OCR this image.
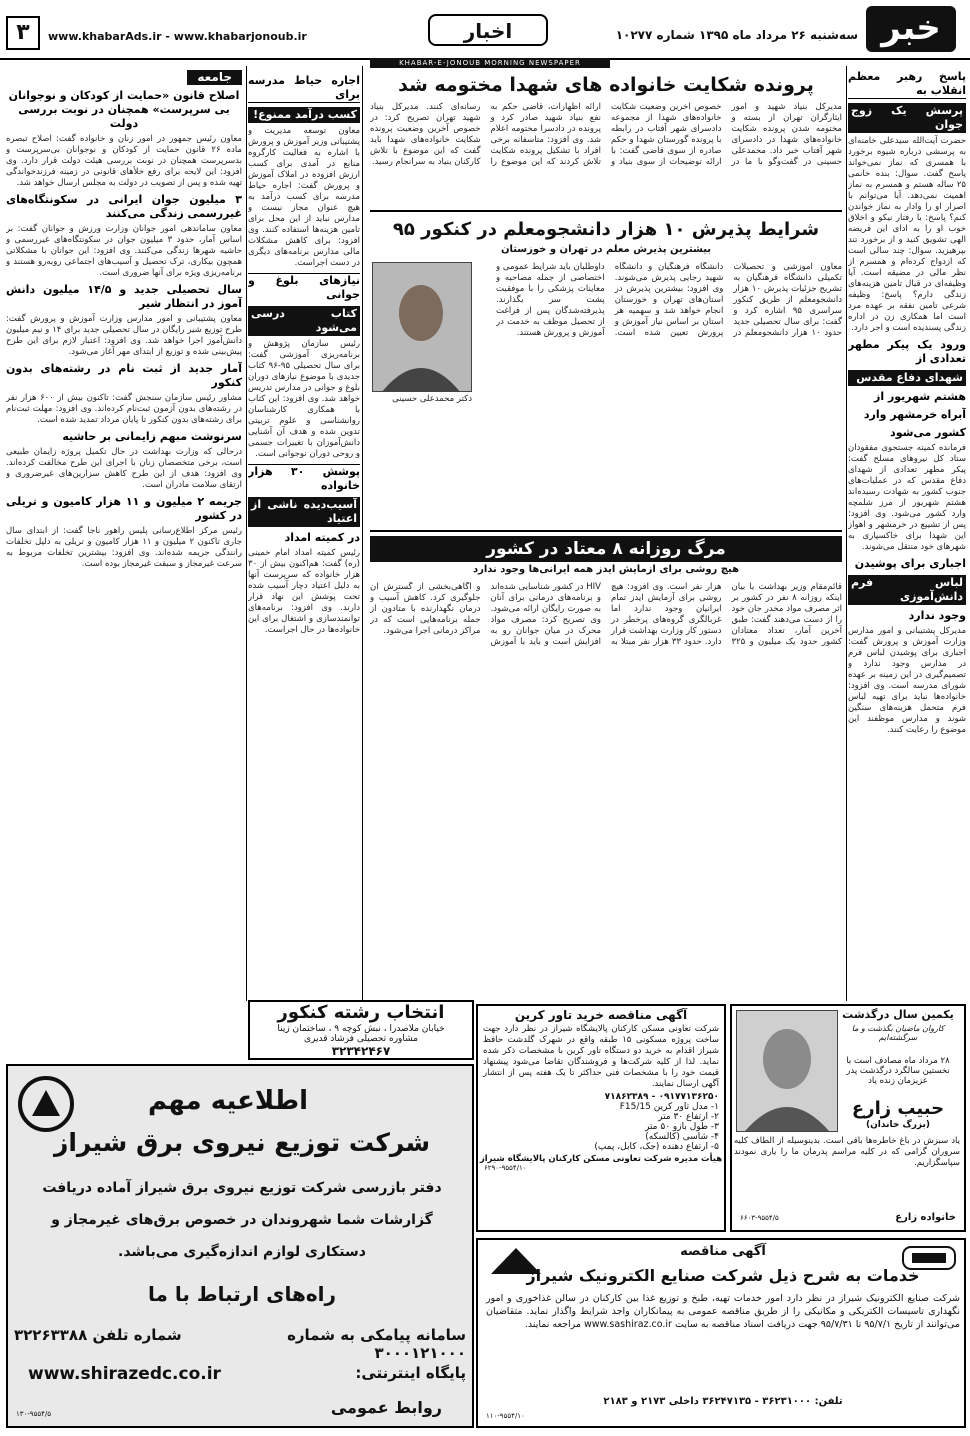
خبر
سه‌شنبه ۲۶ مرداد ماه ۱۳۹۵ شماره ۱۰۲۷۷
اخبار
www.khabarAds.ir - www.khabarjonoub.ir
۳
KHABAR-E-JONOUB MORNING NEWSPAPER
پاسخ رهبر معظم انقلاب به
پرسش یک زوج جوان

حضرت آیت‌الله سیدعلی خامنه‌ای به پرسشی درباره شیوه برخورد با همسری که نماز نمی‌خواند پاسخ گفت. سوال: بنده خانمی ۲۵ ساله هستم و همسرم به نماز اهمیت نمی‌دهد. آیا می‌توانم با اصرار او را وادار به نماز خواندن کنم؟ پاسخ: با رفتار نیکو و اخلاق خوب او را به ادای این فریضه الهی تشویق کنید و از برخورد تند بپرهیزید. سوال: چند سالی است که ازدواج کرده‌ام و همسرم از نظر مالی در مضیقه است. آیا وظیفه‌ای در قبال تامین هزینه‌های زندگی دارم؟ پاسخ: وظیفه شرعی تامین نفقه بر عهده مرد است اما همکاری زن در اداره زندگی پسندیده است و اجر دارد.

ورود یک پیکر مطهر تعدادی از
شهدای دفاع مقدس
هشتم شهریور از
آبراه خرمشهر وارد
کشور می‌شود

فرمانده کمیته جستجوی مفقودان ستاد کل نیروهای مسلح گفت: پیکر مطهر تعدادی از شهدای دفاع مقدس که در عملیات‌های جنوب کشور به شهادت رسیده‌اند هشتم شهریور از مرز شلمچه وارد کشور می‌شود. وی افزود: پس از تشییع در خرمشهر و اهواز این شهدا برای خاکسپاری به شهرهای خود منتقل می‌شوند.

اجباری برای پوشیدن
لباس فرم دانش‌آموزی
وجود ندارد

مدیرکل پشتیبانی و امور مدارس وزارت آموزش و پرورش گفت: اجباری برای پوشیدن لباس فرم در مدارس وجود ندارد و تصمیم‌گیری در این زمینه بر عهده شورای مدرسه است. وی افزود: خانواده‌ها نباید برای تهیه لباس فرم متحمل هزینه‌های سنگین شوند و مدارس موظفند این موضوع را رعایت کنند.

پرونده شکایت خانواده های شهدا مختومه شد
مدیرکل بنیاد شهید و امور ایثارگران تهران از بسته و مختومه شدن پرونده شکایت خانواده‌های شهدا در دادسرای شهر آفتاب خبر داد. محمدعلی حسینی در گفت‌وگو با ما در خصوص آخرین وضعیت شکایت خانواده‌های شهدا از مجموعه دادسرای شهر آفتاب در رابطه با پرونده گورستان شهدا و حکم صادره از سوی قاضی گفت: با ارائه توضیحات از سوی بنیاد و ارائه اظهارات، قاضی حکم به نفع بنیاد شهید صادر کرد و پرونده در دادسرا مختومه اعلام شد. وی افزود: متاسفانه برخی افراد با تشکیل پرونده شکایت تلاش کردند که این موضوع را رسانه‌ای کنند. مدیرکل بنیاد شهید تهران تصریح کرد: در خصوص آخرین وضعیت پرونده شکایت خانواده‌های شهدا باید گفت که این موضوع با تلاش کارکنان بنیاد به سرانجام رسید.
شرایط پذیرش ۱۰ هزار دانشجومعلم در کنکور ۹۵
بیشترین پذیرش معلم در تهران و خوزستان
معاون آموزشی و تحصیلات تکمیلی دانشگاه فرهنگیان به تشریح جزئیات پذیرش ۱۰ هزار دانشجومعلم از طریق کنکور سراسری ۹۵ اشاره کرد و گفت: برای سال تحصیلی جدید حدود ۱۰ هزار دانشجومعلم در دانشگاه فرهنگیان و دانشگاه شهید رجایی پذیرش می‌شوند. وی افزود: بیشترین پذیرش در استان‌های تهران و خوزستان انجام خواهد شد و سهمیه هر استان بر اساس نیاز آموزش و پرورش تعیین شده است. داوطلبان باید شرایط عمومی و اختصاصی از جمله مصاحبه و معاینات پزشکی را با موفقیت پشت سر بگذارند. پذیرفته‌شدگان پس از فراغت از تحصیل موظف به خدمت در آموزش و پرورش هستند.
دکتر محمدعلی حسینی
مرگ روزانه ۸ معتاد در کشور
هیچ روشی برای آزمایش ایدز همه ایرانی‌ها وجود ندارد
قائم‌مقام وزیر بهداشت با بیان اینکه روزانه ۸ نفر در کشور بر اثر مصرف مواد مخدر جان خود را از دست می‌دهند گفت: طبق آخرین آمار، تعداد معتادان کشور حدود یک میلیون و ۳۲۵ هزار نفر است. وی افزود: هیچ روشی برای آزمایش ایدز تمام ایرانیان وجود ندارد اما غربالگری گروه‌های پرخطر در دستور کار وزارت بهداشت قرار دارد. حدود ۳۳ هزار نفر مبتلا به HIV در کشور شناسایی شده‌اند و برنامه‌های درمانی برای آنان به صورت رایگان ارائه می‌شود. وی تصریح کرد: مصرف مواد محرک در میان جوانان رو به افزایش است و باید با آموزش و آگاهی‌بخشی از گسترش آن جلوگیری کرد. کاهش آسیب و درمان نگهدارنده با متادون از جمله برنامه‌هایی است که در مراکز درمانی اجرا می‌شود.
اجاره حیاط مدرسه برای
کسب درآمد ممنوع!

معاون توسعه مدیریت و پشتیبانی وزیر آموزش و پرورش با اشاره به فعالیت کارگروه منابع در آمدی برای کسب ارزش افزوده در املاک آموزش و پرورش گفت: اجاره حیاط مدرسه برای کسب درآمد به هیچ عنوان مجاز نیست و مدارس نباید از این محل برای تامین هزینه‌ها استفاده کنند. وی افزود: برای کاهش مشکلات مالی مدارس برنامه‌های دیگری در دست اجراست.

نیازهای بلوغ و جوانی
کتاب درسی می‌شود

رئیس سازمان پژوهش و برنامه‌ریزی آموزشی گفت: برای سال تحصیلی ۹۵-۹۶ کتاب جدیدی با موضوع نیازهای دوران بلوغ و جوانی در مدارس تدریس خواهد شد. وی افزود: این کتاب با همکاری کارشناسان روانشناسی و علوم تربیتی تدوین شده و هدف آن آشنایی دانش‌آموزان با تغییرات جسمی و روحی دوران نوجوانی است.

پوشش ۳۰ هزار خانواده
آسیب‌دیده ناشی از اعتیاد
در کمیته امداد

رئیس کمیته امداد امام خمینی (ره) گفت: هم‌اکنون بیش از ۳۰ هزار خانواده که سرپرست آنها به دلیل اعتیاد دچار آسیب شده تحت پوشش این نهاد قرار دارند. وی افزود: برنامه‌های توانمندسازی و اشتغال برای این خانواده‌ها در حال اجراست.

جامعه
اصلاح قانون «حمایت از کودکان و نوجوانان بی سرپرست» همچنان در نوبت بررسی دولت

معاون رئیس جمهور در امور زنان و خانواده گفت: اصلاح تبصره ماده ۲۶ قانون حمایت از کودکان و نوجوانان بی‌سرپرست و بدسرپرست همچنان در نوبت بررسی هیئت دولت قرار دارد. وی افزود: این لایحه برای رفع خلأهای قانونی در زمینه فرزندخواندگی تهیه شده و پس از تصویب در دولت به مجلس ارسال خواهد شد.

۳ میلیون جوان ایرانی در سکونتگاه‌های غیررسمی زندگی می‌کنند

معاون ساماندهی امور جوانان وزارت ورزش و جوانان گفت: بر اساس آمار، حدود ۳ میلیون جوان در سکونتگاه‌های غیررسمی و حاشیه شهرها زندگی می‌کنند. وی افزود: این جوانان با مشکلاتی همچون بیکاری، ترک تحصیل و آسیب‌های اجتماعی روبه‌رو هستند و برنامه‌ریزی ویژه برای آنها ضروری است.

سال تحصیلی جدید و ۱۴/۵ میلیون دانش آموز در انتظار شیر

معاون پشتیبانی و امور مدارس وزارت آموزش و پرورش گفت: طرح توزیع شیر رایگان در سال تحصیلی جدید برای ۱۴ و نیم میلیون دانش‌آموز اجرا خواهد شد. وی افزود: اعتبار لازم برای این طرح پیش‌بینی شده و توزیع از ابتدای مهر آغاز می‌شود.

آمار جدید از ثبت نام در رشته‌های بدون کنکور

مشاور رئیس سازمان سنجش گفت: تاکنون بیش از ۶۰۰ هزار نفر در رشته‌های بدون آزمون ثبت‌نام کرده‌اند. وی افزود: مهلت ثبت‌نام برای رشته‌های بدون کنکور تا پایان مرداد تمدید شده است.

سرنوشت مبهم زایمانی بر حاشیه

درحالی که وزارت بهداشت در حال تکمیل پروژه زایمان طبیعی است، برخی متخصصان زنان با اجرای این طرح مخالفت کرده‌اند. وی افزود: هدف از این طرح کاهش سزارین‌های غیرضروری و ارتقای سلامت مادران است.

جریمه ۲ میلیون و ۱۱ هزار کامیون و تریلی در کشور

رئیس مرکز اطلاع‌رسانی پلیس راهور ناجا گفت: از ابتدای سال جاری تاکنون ۲ میلیون و ۱۱ هزار کامیون و تریلی به دلیل تخلفات رانندگی جریمه شده‌اند. وی افزود: بیشترین تخلفات مربوط به سرعت غیرمجاز و سبقت غیرمجاز بوده است.

انتخاب رشته کنکور
خیابان ملاصدرا ، نبش کوچه ۹ ، ساختمان زینا
مشاوره تحصیلی فرشاد قدیری
۳۲۳۴۲۴۶۷
یکمین سال درگذشت
کاروان ماضیان بگذشت و ما سرگشته‌ایم
۲۸ مرداد ماه مصادف است با نخستین سالگرد درگذشت پدر عزیزمان زنده یاد
حبیب زارع
(بزرگ خاندان)
یاد سبزش در باغ خاطره‌ها باقی است. بدینوسیله از الطاف کلیه سروران گرامی که در کلیه مراسم پدرمان ما را یاری نمودند سپاسگزاریم.
خانواده زارع
۶۶۰۳-۹۵۵۴/۵
آگهی مناقصه خرید تاور کرین
شرکت تعاونی مسکن کارکنان پالایشگاه شیراز در نظر دارد جهت ساخت پروژه مسکونی ۱۵ طبقه واقع در شهرک گلدشت حافظ شیراز اقدام به خرید دو دستگاه تاور کرین با مشخصات ذکر شده نماید. لذا از کلیه شرکت‌ها و فروشندگان تقاضا می‌شود پیشنهاد قیمت خود را با مشخصات فنی حداکثر تا یک هفته پس از انتشار آگهی ارسال نمایند.
۰۹۱۷۷۱۳۶۲۵۰ - ۷۱۸۶۲۳۸۹
۱- مدل تاور کرین F15/15
۲- ارتفاع ۳۰ متر
۳- طول بازو ۵۰ متر
۴- شاسی (کالسکه)
۵- ارتفاع دهنده (جک، کابل، پمپ)
هیأت مدیره شرکت تعاونی مسکن کارکنان پالایشگاه شیراز
۶۲۹۰-۹۵۵۴/۱۰
اطلاعیه مهم
شرکت توزیع نیروی برق شیراز
دفتر بازرسی شرکت توزیع نیروی برق شیراز آماده دریافت
گزارشات شما شهروندان در خصوص برق‌های غیرمجاز و
دستکاری لوازم اندازه‌گیری می‌باشد.
راه‌های ارتباط با ما
سامانه پیامکی به شماره ۳۰۰۰۱۲۱۰۰۰
شماره تلفن ۳۲۲۶۳۳۸۸
پایگاه اینترنتی:
www.shirazedc.co.ir
روابط عمومی
۱۳۰-۹۵۵۴/۵
آگهی مناقصه
خدمات به شرح ذیل شرکت صنایع الکترونیک شیراز
شرکت صنایع الکترونیک شیراز در نظر دارد امور خدمات تهیه، طبخ و توزیع غذا بین کارکنان در سالن غذاخوری و امور نگهداری تاسیسات الکتریکی و مکانیکی را از طریق مناقصه عمومی به پیمانکاران واجد شرایط واگذار نماید. متقاضیان می‌توانند از تاریخ ۹۵/۷/۱ تا ۹۵/۷/۳۱ جهت دریافت اسناد مناقصه به سایت www.sashiraz.co.ir مراجعه نمایند.
تلفن: ۳۶۲۳۱۰۰۰ - ۳۶۲۴۷۱۳۵ داخلی ۲۱۷۳ و ۲۱۸۳
۱۱۰-۹۵۵۴/۱۰
